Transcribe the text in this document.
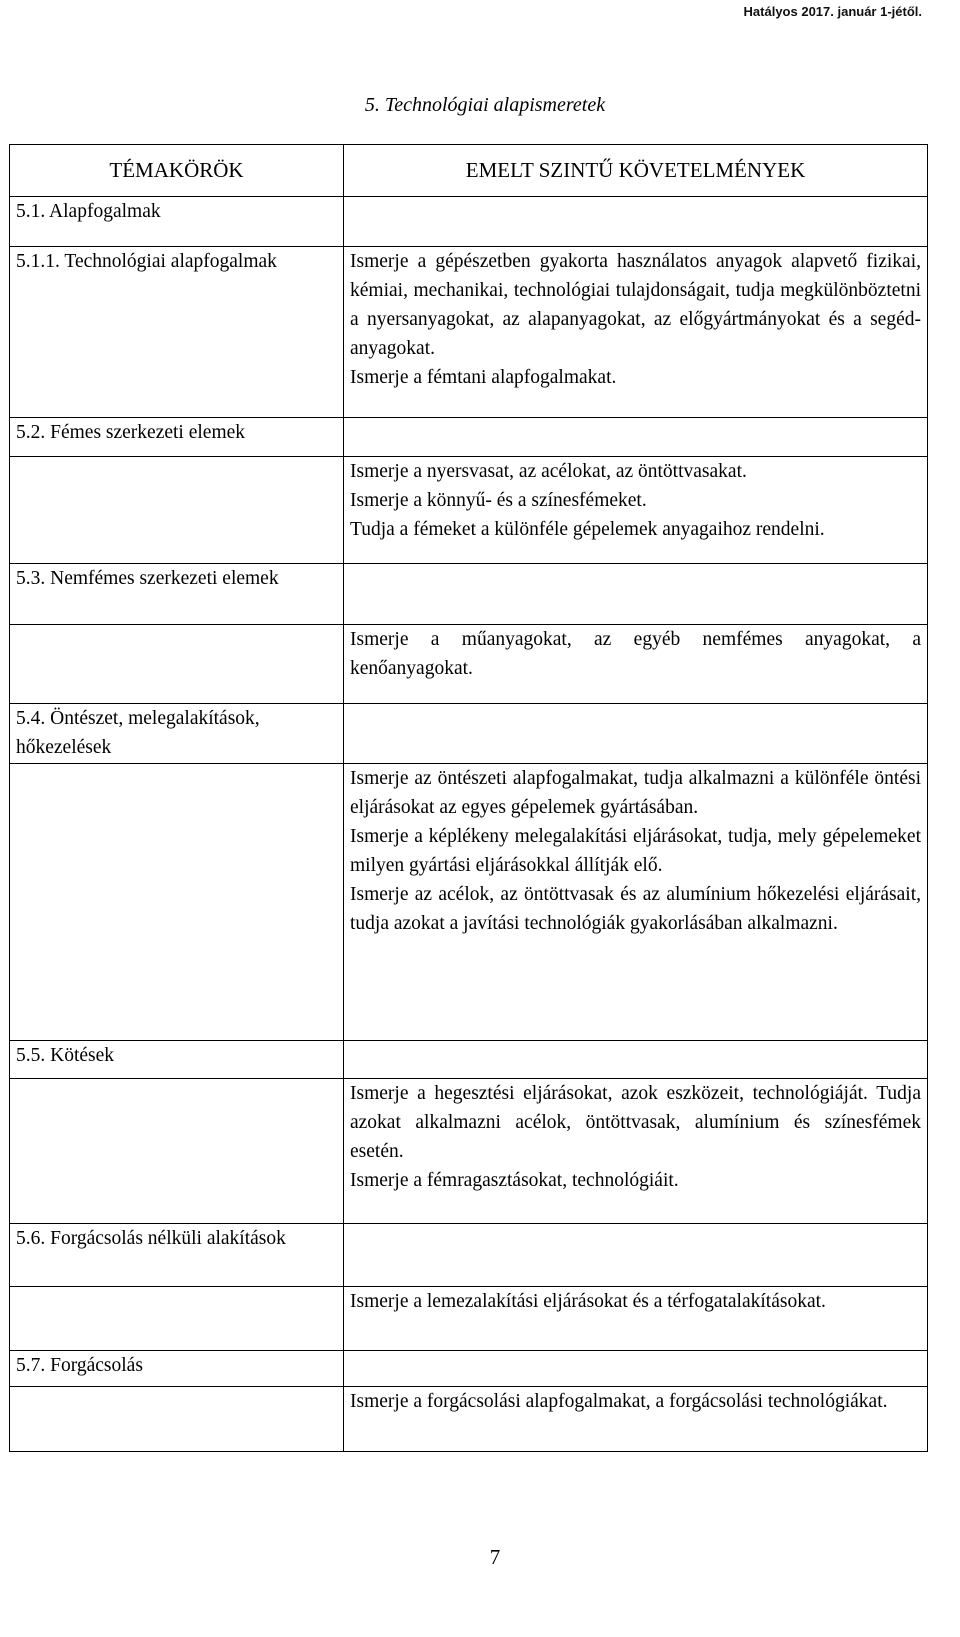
Hatályos 2017. január 1-jétől.
5. Technológiai alapismeretek
TÉMAKÖRÖK	EMELT SZINTŰ KÖVETELMÉNYEK
5.1. Alapfogalmak	
5.1.1. Technológiai alapfogalmak	Ismerje a gépészetben gyakorta használatos anyagok alapvető fizikai, kémiai, mechanikai, technológiai tulajdonságait, tudja megkülönböztetni a nyersanyagokat, az alapanyagokat, az előgyártmányokat és a segéd-anyagokat.

Ismerje a fémtani alapfogalmakat.

5.2. Fémes szerkezeti elemek	

	Ismerje a nyersvasat, az acélokat, az öntöttvasakat.

Ismerje a könnyű- és a színesfémeket.

Tudja a fémeket a különféle gépelemek anyagaihoz rendelni.

5.3. Nemfémes szerkezeti elemek	

	Ismerje a műanyagokat, az egyéb nemfémes anyagokat, a kenőanyagokat.

5.4. Öntészet, melegalakítások, hőkezelések	

	Ismerje az öntészeti alapfogalmakat, tudja alkalmazni a különféle öntési eljárásokat az egyes gépelemek gyártásában.

Ismerje a képlékeny melegalakítási eljárásokat, tudja, mely gépelemeket milyen gyártási eljárásokkal állítják elő.

Ismerje az acélok, az öntöttvasak és az alumínium hőkezelési eljárásait, tudja azokat a javítási technológiák gyakorlásában alkalmazni.

5.5. Kötések	

	Ismerje a hegesztési eljárásokat, azok eszközeit, technológiáját. Tudja azokat alkalmazni acélok, öntöttvasak, alumínium és színesfémek esetén.

Ismerje a fémragasztásokat, technológiáit.

5.6. Forgácsolás nélküli alakítások	

	Ismerje a lemezalakítási eljárásokat és a térfogatalakításokat.

5.7. Forgácsolás	

	Ismerje a forgácsolási alapfogalmakat, a forgácsolási technológiákat.

7
